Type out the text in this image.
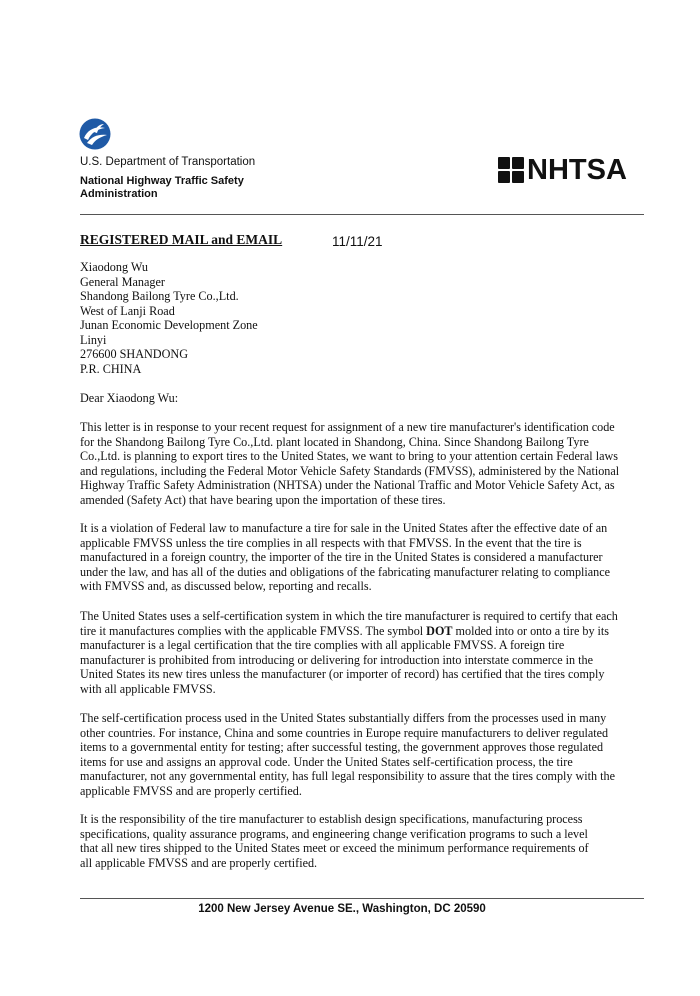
U.S. Department of Transportation
National Highway Traffic Safety Administration
NHTSA
REGISTERED MAIL and EMAIL	11/11/21
Xiaodong Wu
General Manager
Shandong Bailong Tyre Co.,Ltd.
West of Lanji Road
Junan Economic Development Zone
Linyi
276600 SHANDONG
P.R. CHINA
Dear Xiaodong Wu:
This letter is in response to your recent request for assignment of a new tire manufacturer's identification code
for the Shandong Bailong Tyre Co.,Ltd. plant located in Shandong, China. Since Shandong Bailong Tyre
Co.,Ltd. is planning to export tires to the United States, we want to bring to your attention certain Federal laws
and regulations, including the Federal Motor Vehicle Safety Standards (FMVSS), administered by the National
Highway Traffic Safety Administration (NHTSA) under the National Traffic and Motor Vehicle Safety Act, as
amended (Safety Act) that have bearing upon the importation of these tires.
It is a violation of Federal law to manufacture a tire for sale in the United States after the effective date of an
applicable FMVSS unless the tire complies in all respects with that FMVSS. In the event that the tire is
manufactured in a foreign country, the importer of the tire in the United States is considered a manufacturer
under the law, and has all of the duties and obligations of the fabricating manufacturer relating to compliance
with FMVSS and, as discussed below, reporting and recalls.
The United States uses a self-certification system in which the tire manufacturer is required to certify that each
tire it manufactures complies with the applicable FMVSS. The symbol DOT molded into or onto a tire by its
manufacturer is a legal certification that the tire complies with all applicable FMVSS. A foreign tire
manufacturer is prohibited from introducing or delivering for introduction into interstate commerce in the
United States its new tires unless the manufacturer (or importer of record) has certified that the tires comply
with all applicable FMVSS.
The self-certification process used in the United States substantially differs from the processes used in many
other countries. For instance, China and some countries in Europe require manufacturers to deliver regulated
items to a governmental entity for testing; after successful testing, the government approves those regulated
items for use and assigns an approval code. Under the United States self-certification process, the tire
manufacturer, not any governmental entity, has full legal responsibility to assure that the tires comply with the
applicable FMVSS and are properly certified.
It is the responsibility of the tire manufacturer to establish design specifications, manufacturing process
specifications, quality assurance programs, and engineering change verification programs to such a level
that all new tires shipped to the United States meet or exceed the minimum performance requirements of
all applicable FMVSS and are properly certified.
1200 New Jersey Avenue SE., Washington, DC 20590
